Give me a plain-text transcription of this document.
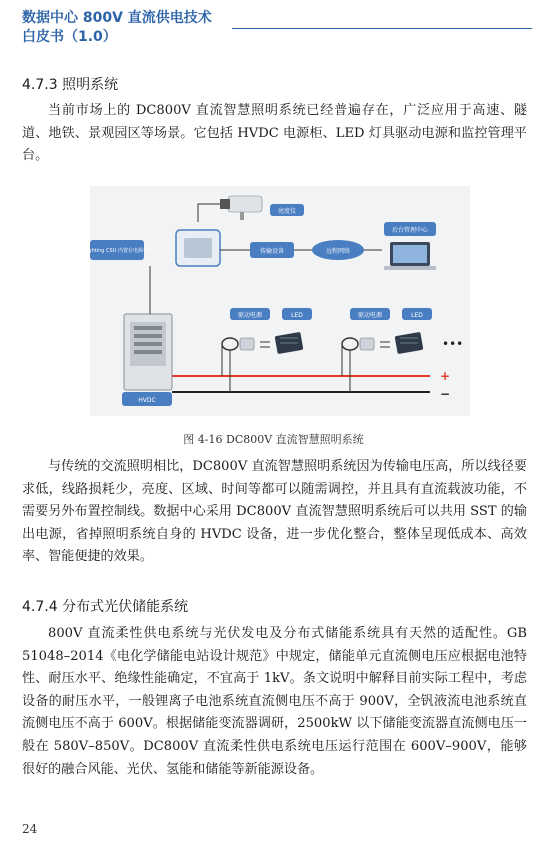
数据中心 800V 直流供电技术
白皮书（1.0）
4.7.3 照明系统

当前市场上的 DC800V 直流智慧照明系统已经普遍存在，广泛应用于高速、隧道、地铁、景观园区等场景。它包括 HVDC 电源柜、LED 灯具驱动电源和监控管理平台。

亮度仪
i-Lighting CSU 内置在电源柜中	传输设备	远程网络
后台管理中心
HVDC
+
−
驱动电源	LED	驱动电源	LED
•••
图 4-16 DC800V 直流智慧照明系统

与传统的交流照明相比，DC800V 直流智慧照明系统因为传输电压高，所以线径要求低，线路损耗少，亮度、区域、时间等都可以随需调控，并且具有直流载波功能，不需要另外布置控制线。数据中心采用 DC800V 直流智慧照明系统后可以共用 SST 的输出电源，省掉照明系统自身的 HVDC 设备，进一步优化整合，整体呈现低成本、高效率、智能便捷的效果。

4.7.4 分布式光伏储能系统

800V 直流柔性供电系统与光伏发电及分布式储能系统具有天然的适配性。GB 51048–2014《电化学储能电站设计规范》中规定，储能单元直流侧电压应根据电池特性、耐压水平、绝缘性能确定，不宜高于 1kV。条文说明中解释目前实际工程中，考虑设备的耐压水平，一般锂离子电池系统直流侧电压不高于 900V，全钒液流电池系统直流侧电压不高于 600V。根据储能变流器调研，2500kW 以下储能变流器直流侧电压一般在 580V–850V。DC800V 直流柔性供电系统电压运行范围在 600V–900V，能够很好的融合风能、光伏、氢能和储能等新能源设备。

24
